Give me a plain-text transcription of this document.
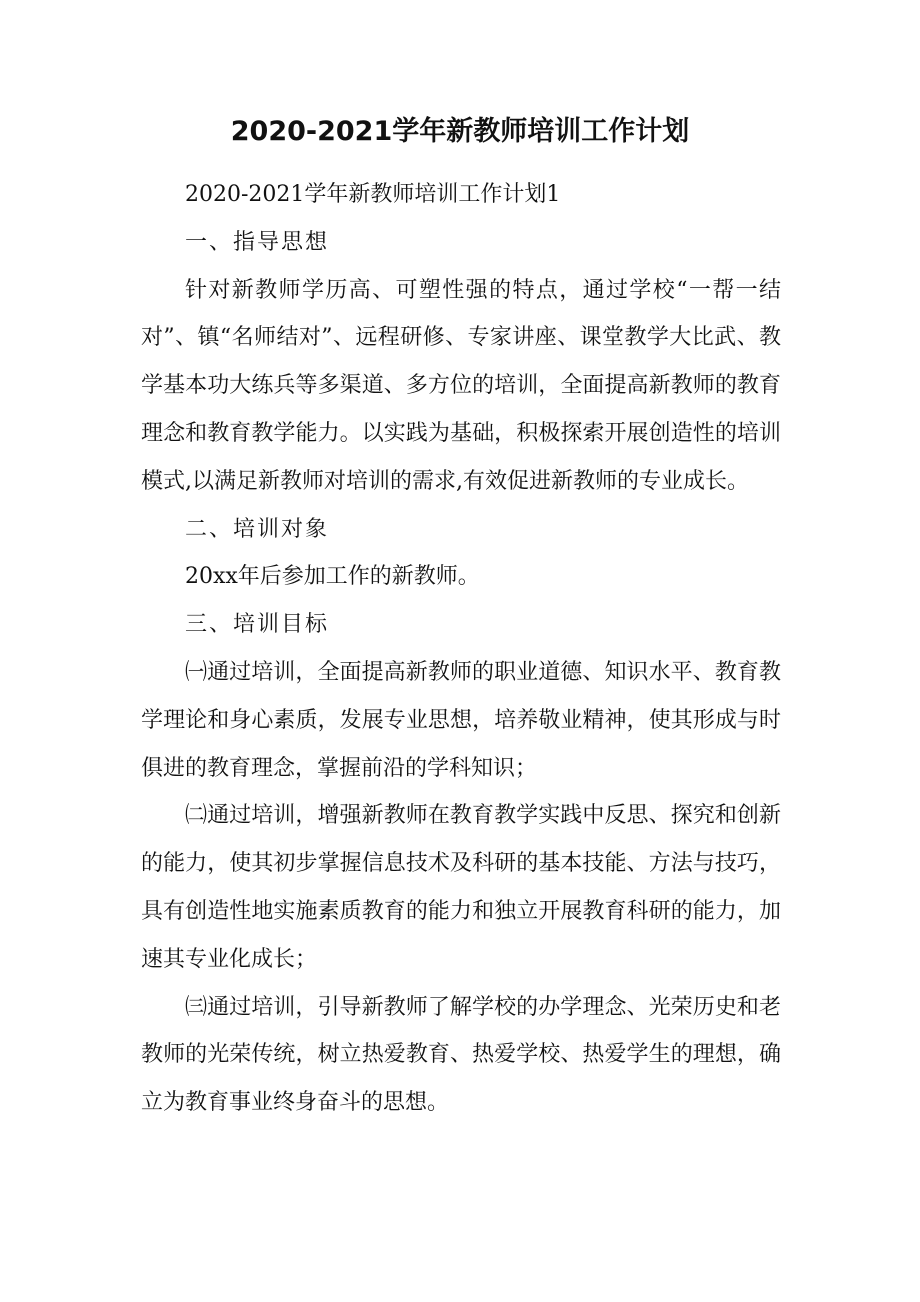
2020-2021学年新教师培训工作计划

2020-2021学年新教师培训工作计划1

一、指导思想

针对新教师学历高、可塑性强的特点，通过学校“一帮一结对”、镇“名师结对”、远程研修、专家讲座、课堂教学大比武、教学基本功大练兵等多渠道、多方位的培训，全面提高新教师的教育理念和教育教学能力。以实践为基础，积极探索开展创造性的培训模式,以满足新教师对培训的需求,有效促进新教师的专业成长。

二、培训对象

20xx年后参加工作的新教师。

三、培训目标

㈠通过培训，全面提高新教师的职业道德、知识水平、教育教学理论和身心素质，发展专业思想，培养敬业精神，使其形成与时俱进的教育理念，掌握前沿的学科知识；

㈡通过培训，增强新教师在教育教学实践中反思、探究和创新的能力，使其初步掌握信息技术及科研的基本技能、方法与技巧，具有创造性地实施素质教育的能力和独立开展教育科研的能力，加速其专业化成长；

㈢通过培训，引导新教师了解学校的办学理念、光荣历史和老教师的光荣传统，树立热爱教育、热爱学校、热爱学生的理想，确立为教育事业终身奋斗的思想。
